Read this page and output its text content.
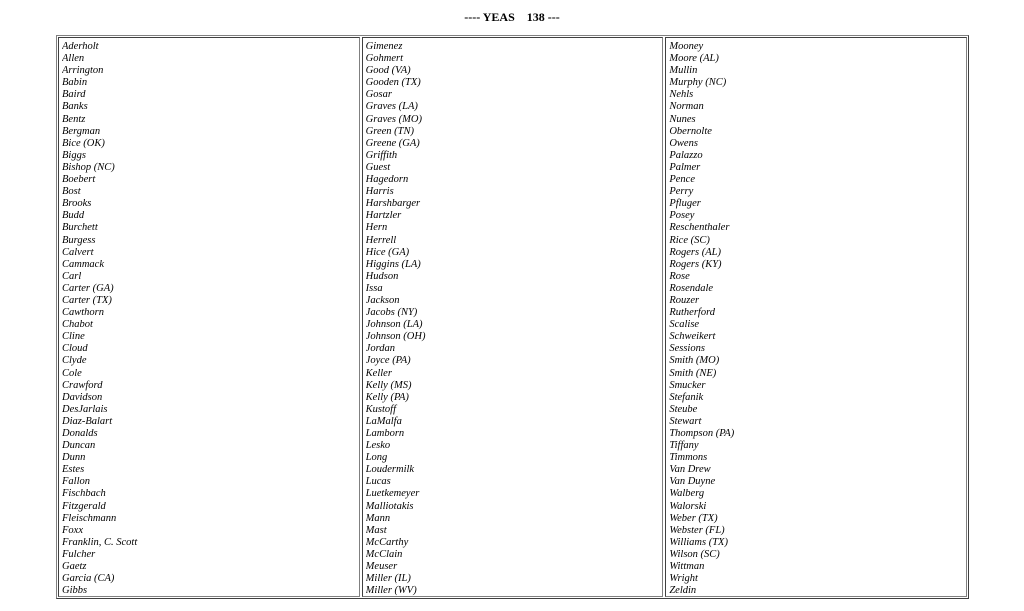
---- YEAS    138 ---
Aderholt
Allen
Arrington
Babin
Baird
Banks
Bentz
Bergman
Bice (OK)
Biggs
Bishop (NC)
Boebert
Bost
Brooks
Budd
Burchett
Burgess
Calvert
Cammack
Carl
Carter (GA)
Carter (TX)
Cawthorn
Chabot
Cline
Cloud
Clyde
Cole
Crawford
Davidson
DesJarlais
Diaz-Balart
Donalds
Duncan
Dunn
Estes
Fallon
Fischbach
Fitzgerald
Fleischmann
Foxx
Franklin, C. Scott
Fulcher
Gaetz
Garcia (CA)
Gibbs
Gimenez
Gohmert
Good (VA)
Gooden (TX)
Gosar
Graves (LA)
Graves (MO)
Green (TN)
Greene (GA)
Griffith
Guest
Hagedorn
Harris
Harshbarger
Hartzler
Hern
Herrell
Hice (GA)
Higgins (LA)
Hudson
Issa
Jackson
Jacobs (NY)
Johnson (LA)
Johnson (OH)
Jordan
Joyce (PA)
Keller
Kelly (MS)
Kelly (PA)
Kustoff
LaMalfa
Lamborn
Lesko
Long
Loudermilk
Lucas
Luetkemeyer
Malliotakis
Mann
Mast
McCarthy
McClain
Meuser
Miller (IL)
Miller (WV)
Mooney
Moore (AL)
Mullin
Murphy (NC)
Nehls
Norman
Nunes
Obernolte
Owens
Palazzo
Palmer
Pence
Perry
Pfluger
Posey
Reschenthaler
Rice (SC)
Rogers (AL)
Rogers (KY)
Rose
Rosendale
Rouzer
Rutherford
Scalise
Schweikert
Sessions
Smith (MO)
Smith (NE)
Smucker
Stefanik
Steube
Stewart
Thompson (PA)
Tiffany
Timmons
Van Drew
Van Duyne
Walberg
Walorski
Weber (TX)
Webster (FL)
Williams (TX)
Wilson (SC)
Wittman
Wright
Zeldin
